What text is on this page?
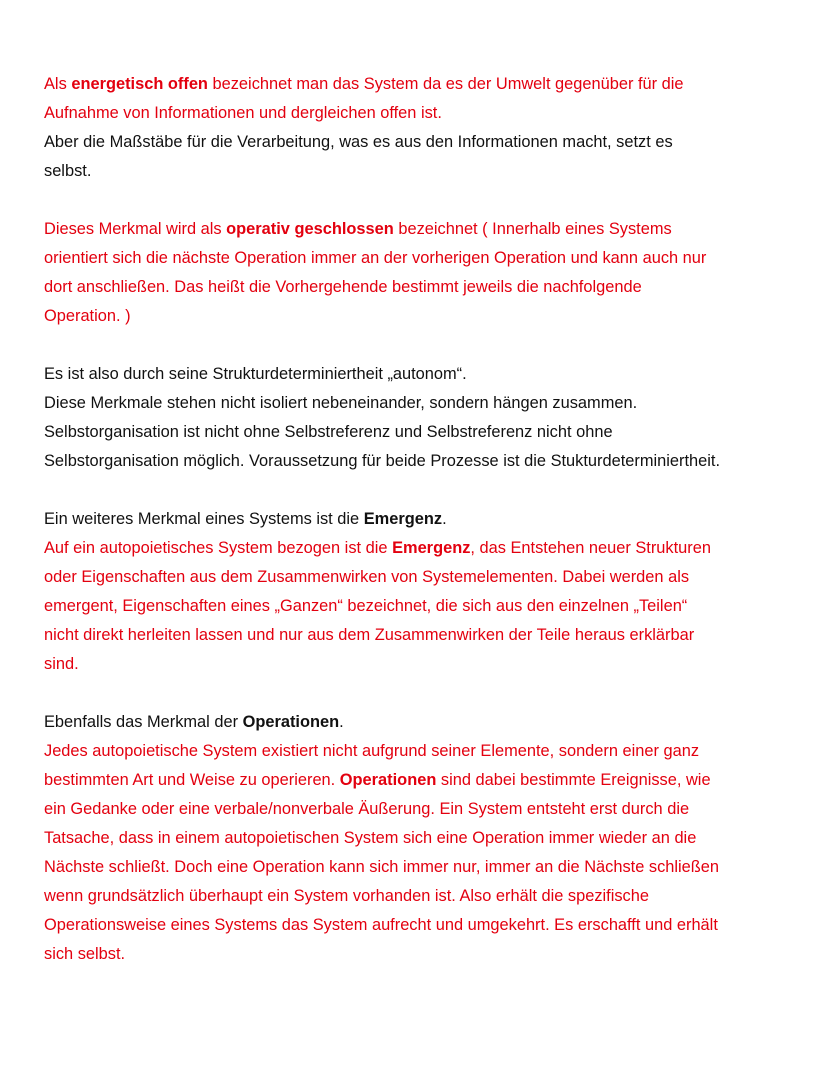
Als energetisch offen bezeichnet man das System da es der Umwelt gegenüber für die
Aufnahme von Informationen und dergleichen offen ist.
Aber die Maßstäbe für die Verarbeitung, was es aus den Informationen macht, setzt es
selbst.
Dieses Merkmal wird als operativ geschlossen bezeichnet ( Innerhalb eines Systems
orientiert sich die nächste Operation immer an der vorherigen Operation und kann auch nur
dort anschließen. Das heißt die Vorhergehende bestimmt jeweils die nachfolgende
Operation. )
Es ist also durch seine Strukturdeterminiertheit „autonom“.
Diese Merkmale stehen nicht isoliert nebeneinander, sondern hängen zusammen.
Selbstorganisation ist nicht ohne Selbstreferenz und Selbstreferenz nicht ohne
Selbstorganisation möglich. Voraussetzung für beide Prozesse ist die Stukturdeterminiertheit.
Ein weiteres Merkmal eines Systems ist die Emergenz.
Auf ein autopoietisches System bezogen ist die Emergenz, das Entstehen neuer Strukturen
oder Eigenschaften aus dem Zusammenwirken von Systemelementen. Dabei werden als
emergent, Eigenschaften eines „Ganzen“ bezeichnet, die sich aus den einzelnen „Teilen“
nicht direkt herleiten lassen und nur aus dem Zusammenwirken der Teile heraus erklärbar
sind.
Ebenfalls das Merkmal der Operationen.
Jedes autopoietische System existiert nicht aufgrund seiner Elemente, sondern einer ganz
bestimmten Art und Weise zu operieren. Operationen sind dabei bestimmte Ereignisse, wie
ein Gedanke oder eine verbale/nonverbale Äußerung. Ein System entsteht erst durch die
Tatsache, dass in einem autopoietischen System sich eine Operation immer wieder an die
Nächste schließt. Doch eine Operation kann sich immer nur, immer an die Nächste schließen
wenn grundsätzlich überhaupt ein System vorhanden ist. Also erhält die spezifische
Operationsweise eines Systems das System aufrecht und umgekehrt. Es erschafft und erhält
sich selbst.
